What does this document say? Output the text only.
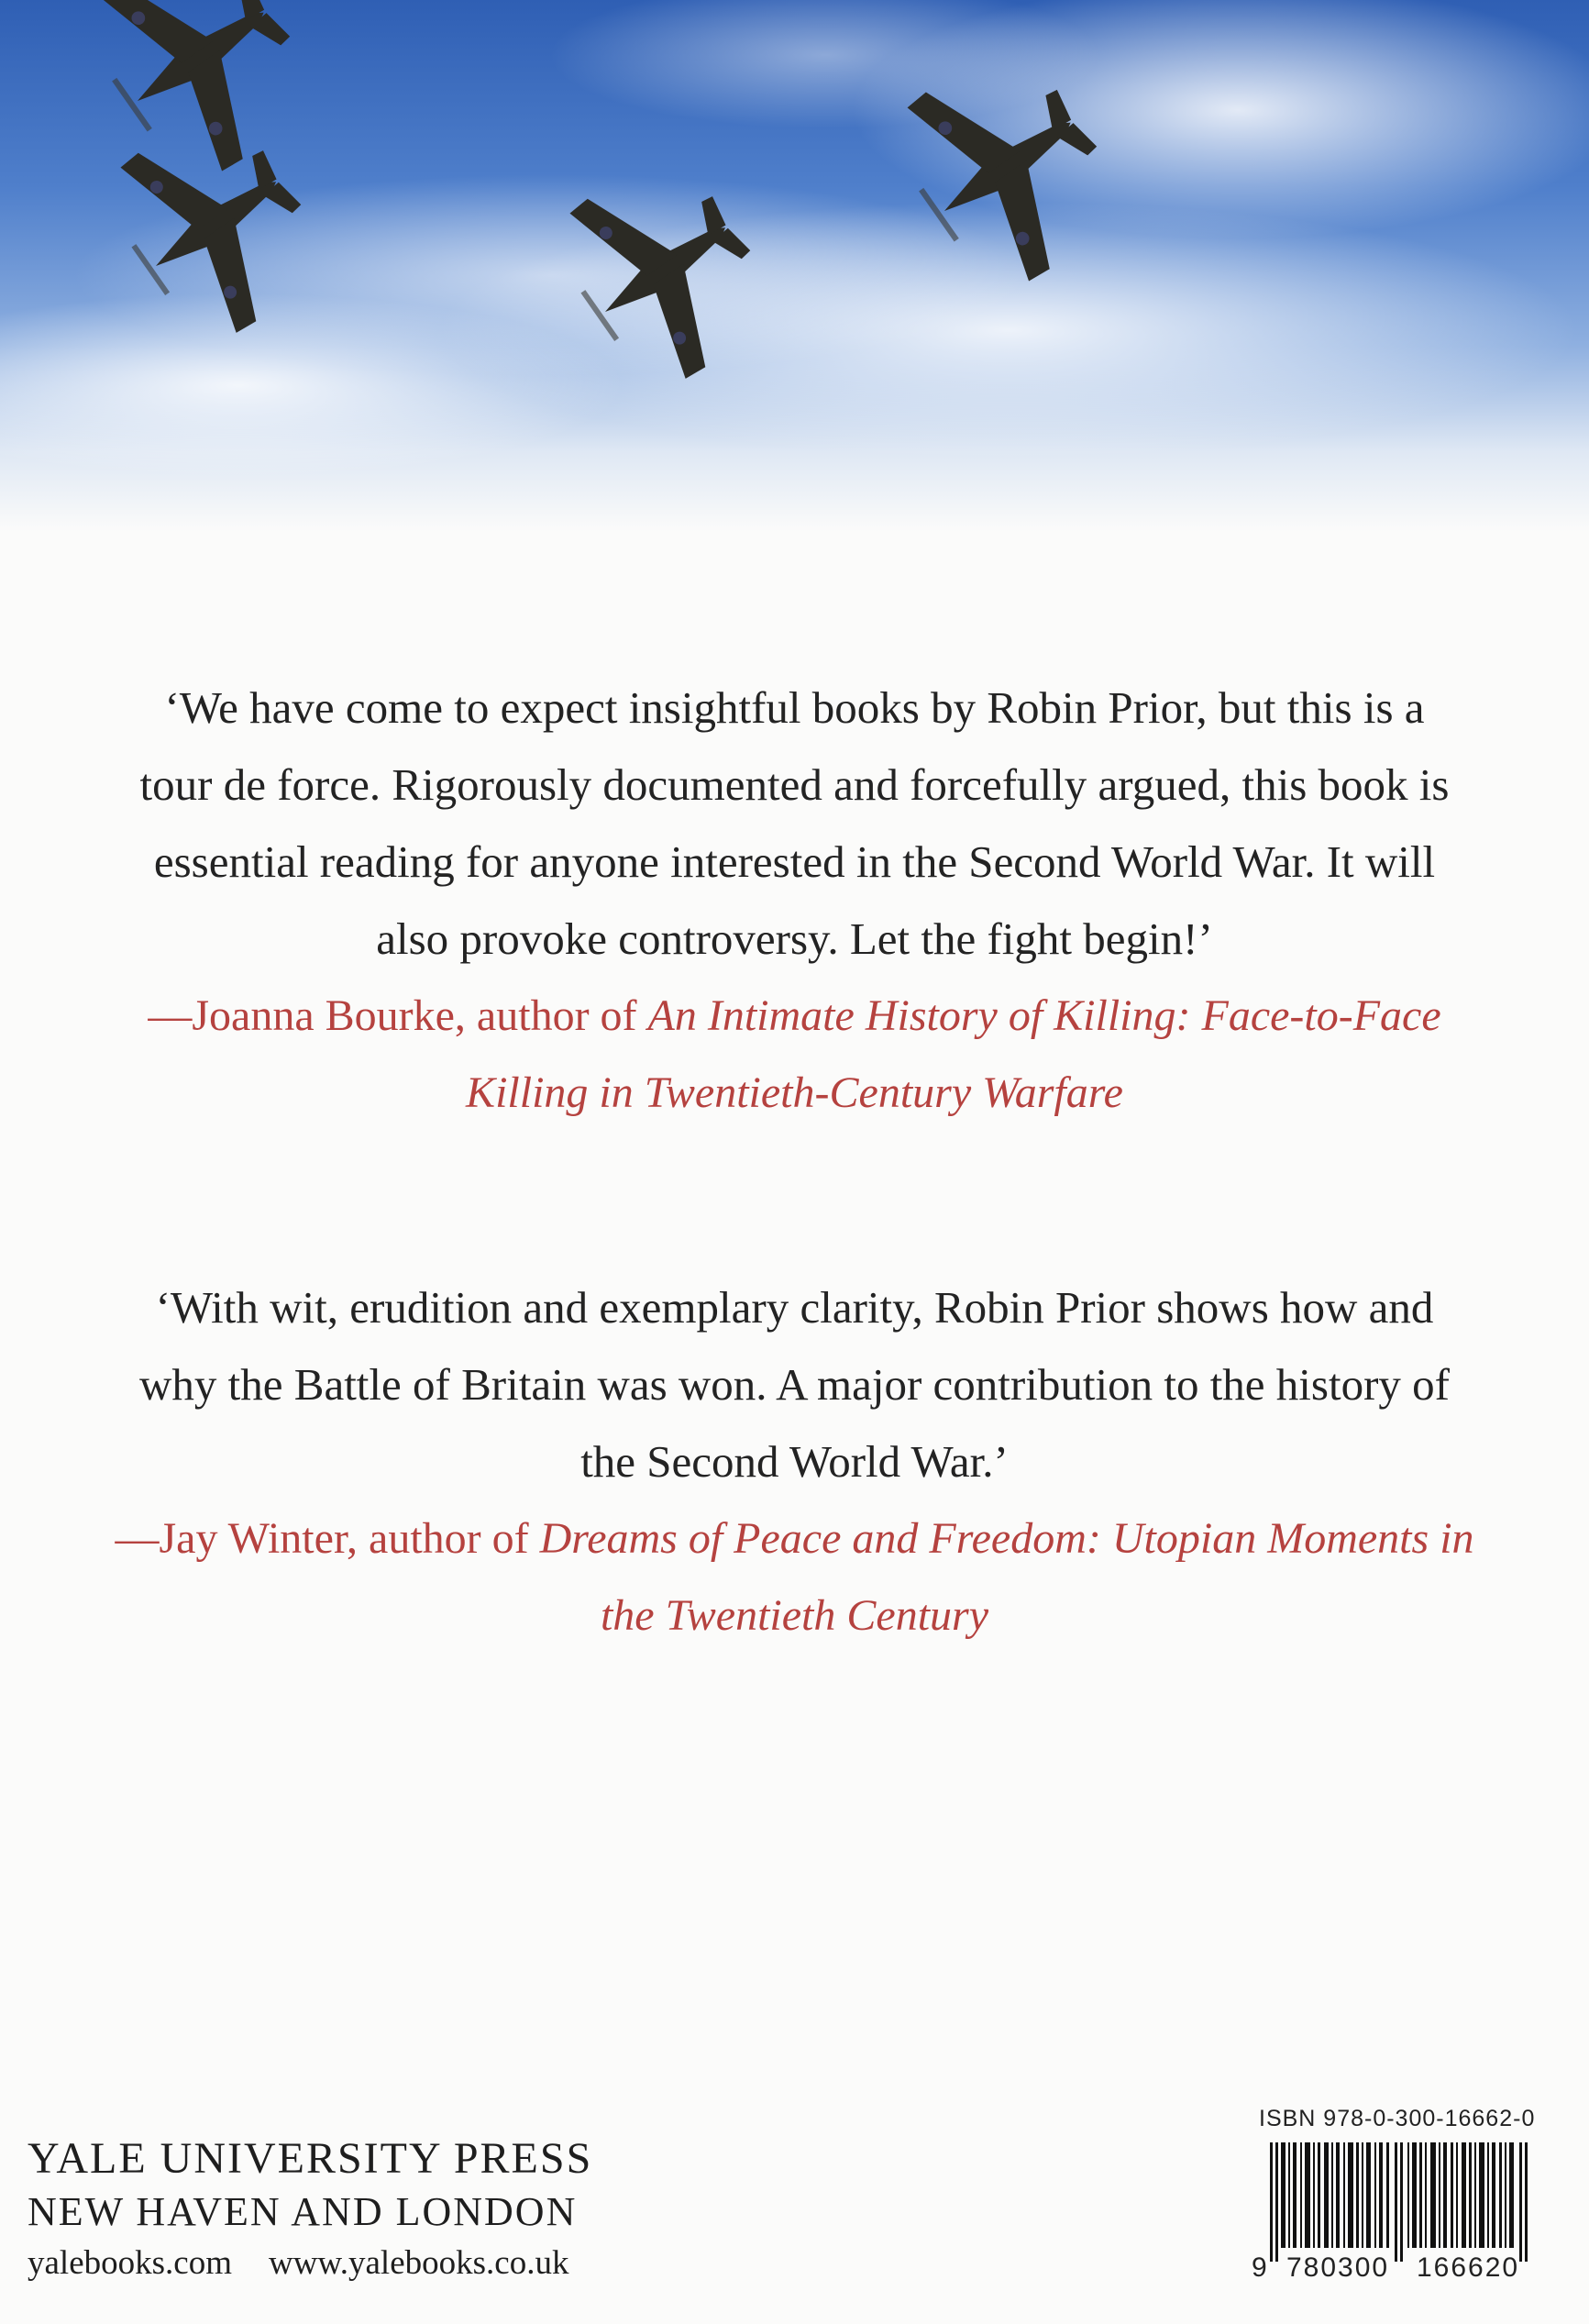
‘We have come to expect insightful books by Robin Prior, but this is a
tour de force. Rigorously documented and forcefully argued, this book is
essential reading for anyone interested in the Second World War. It will
also provoke controversy. Let the fight begin!’
—Joanna Bourke, author of An Intimate History of Killing: Face-to-Face
Killing in Twentieth-Century Warfare
‘With wit, erudition and exemplary clarity, Robin Prior shows how and
why the Battle of Britain was won. A major contribution to the history of
the Second World War.’
—Jay Winter, author of Dreams of Peace and Freedom: Utopian Moments in
the Twentieth Century
YALE UNIVERSITY PRESS
NEW HAVEN AND LONDON
yalebooks.com www.yalebooks.co.uk
ISBN 978-0-300-16662-0
9 780300 166620
